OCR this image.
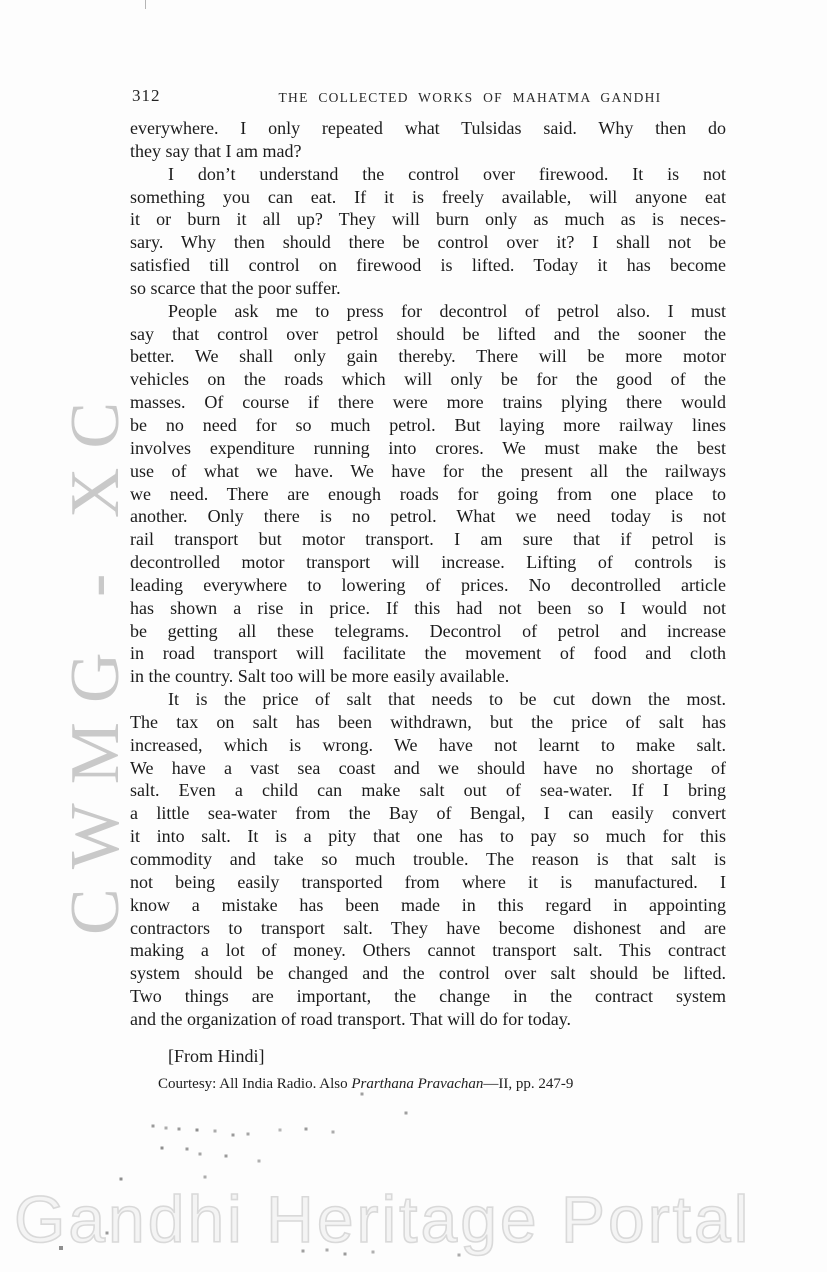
CWMG - XC
312	THE COLLECTED WORKS OF MAHATMA GANDHI
everywhere. I only repeated what Tulsidas said. Why then do
they say that I am mad?
I don’t understand the control over firewood. It is not
something you can eat. If it is freely available, will anyone eat
it or burn it all up? They will burn only as much as is neces-
sary. Why then should there be control over it? I shall not be
satisfied till control on firewood is lifted. Today it has become
so scarce that the poor suffer.
People ask me to press for decontrol of petrol also. I must
say that control over petrol should be lifted and the sooner the
better. We shall only gain thereby. There will be more motor
vehicles on the roads which will only be for the good of the
masses. Of course if there were more trains plying there would
be no need for so much petrol. But laying more railway lines
involves expenditure running into crores. We must make the best
use of what we have. We have for the present all the railways
we need. There are enough roads for going from one place to
another. Only there is no petrol. What we need today is not
rail transport but motor transport. I am sure that if petrol is
decontrolled motor transport will increase. Lifting of controls is
leading everywhere to lowering of prices. No decontrolled article
has shown a rise in price. If this had not been so I would not
be getting all these telegrams. Decontrol of petrol and increase
in road transport will facilitate the movement of food and cloth
in the country. Salt too will be more easily available.
It is the price of salt that needs to be cut down the most.
The tax on salt has been withdrawn, but the price of salt has
increased, which is wrong. We have not learnt to make salt.
We have a vast sea coast and we should have no shortage of
salt. Even a child can make salt out of sea-water. If I bring
a little sea-water from the Bay of Bengal, I can easily convert
it into salt. It is a pity that one has to pay so much for this
commodity and take so much trouble. The reason is that salt is
not being easily transported from where it is manufactured. I
know a mistake has been made in this regard in appointing
contractors to transport salt. They have become dishonest and are
making a lot of money. Others cannot transport salt. This contract
system should be changed and the control over salt should be lifted.
Two things are important, the change in the contract system
and the organization of road transport. That will do for today.
[From Hindi]
Courtesy: All India Radio. Also Prarthana Pravachan—II, pp. 247-9
Gandhi Heritage Portal
